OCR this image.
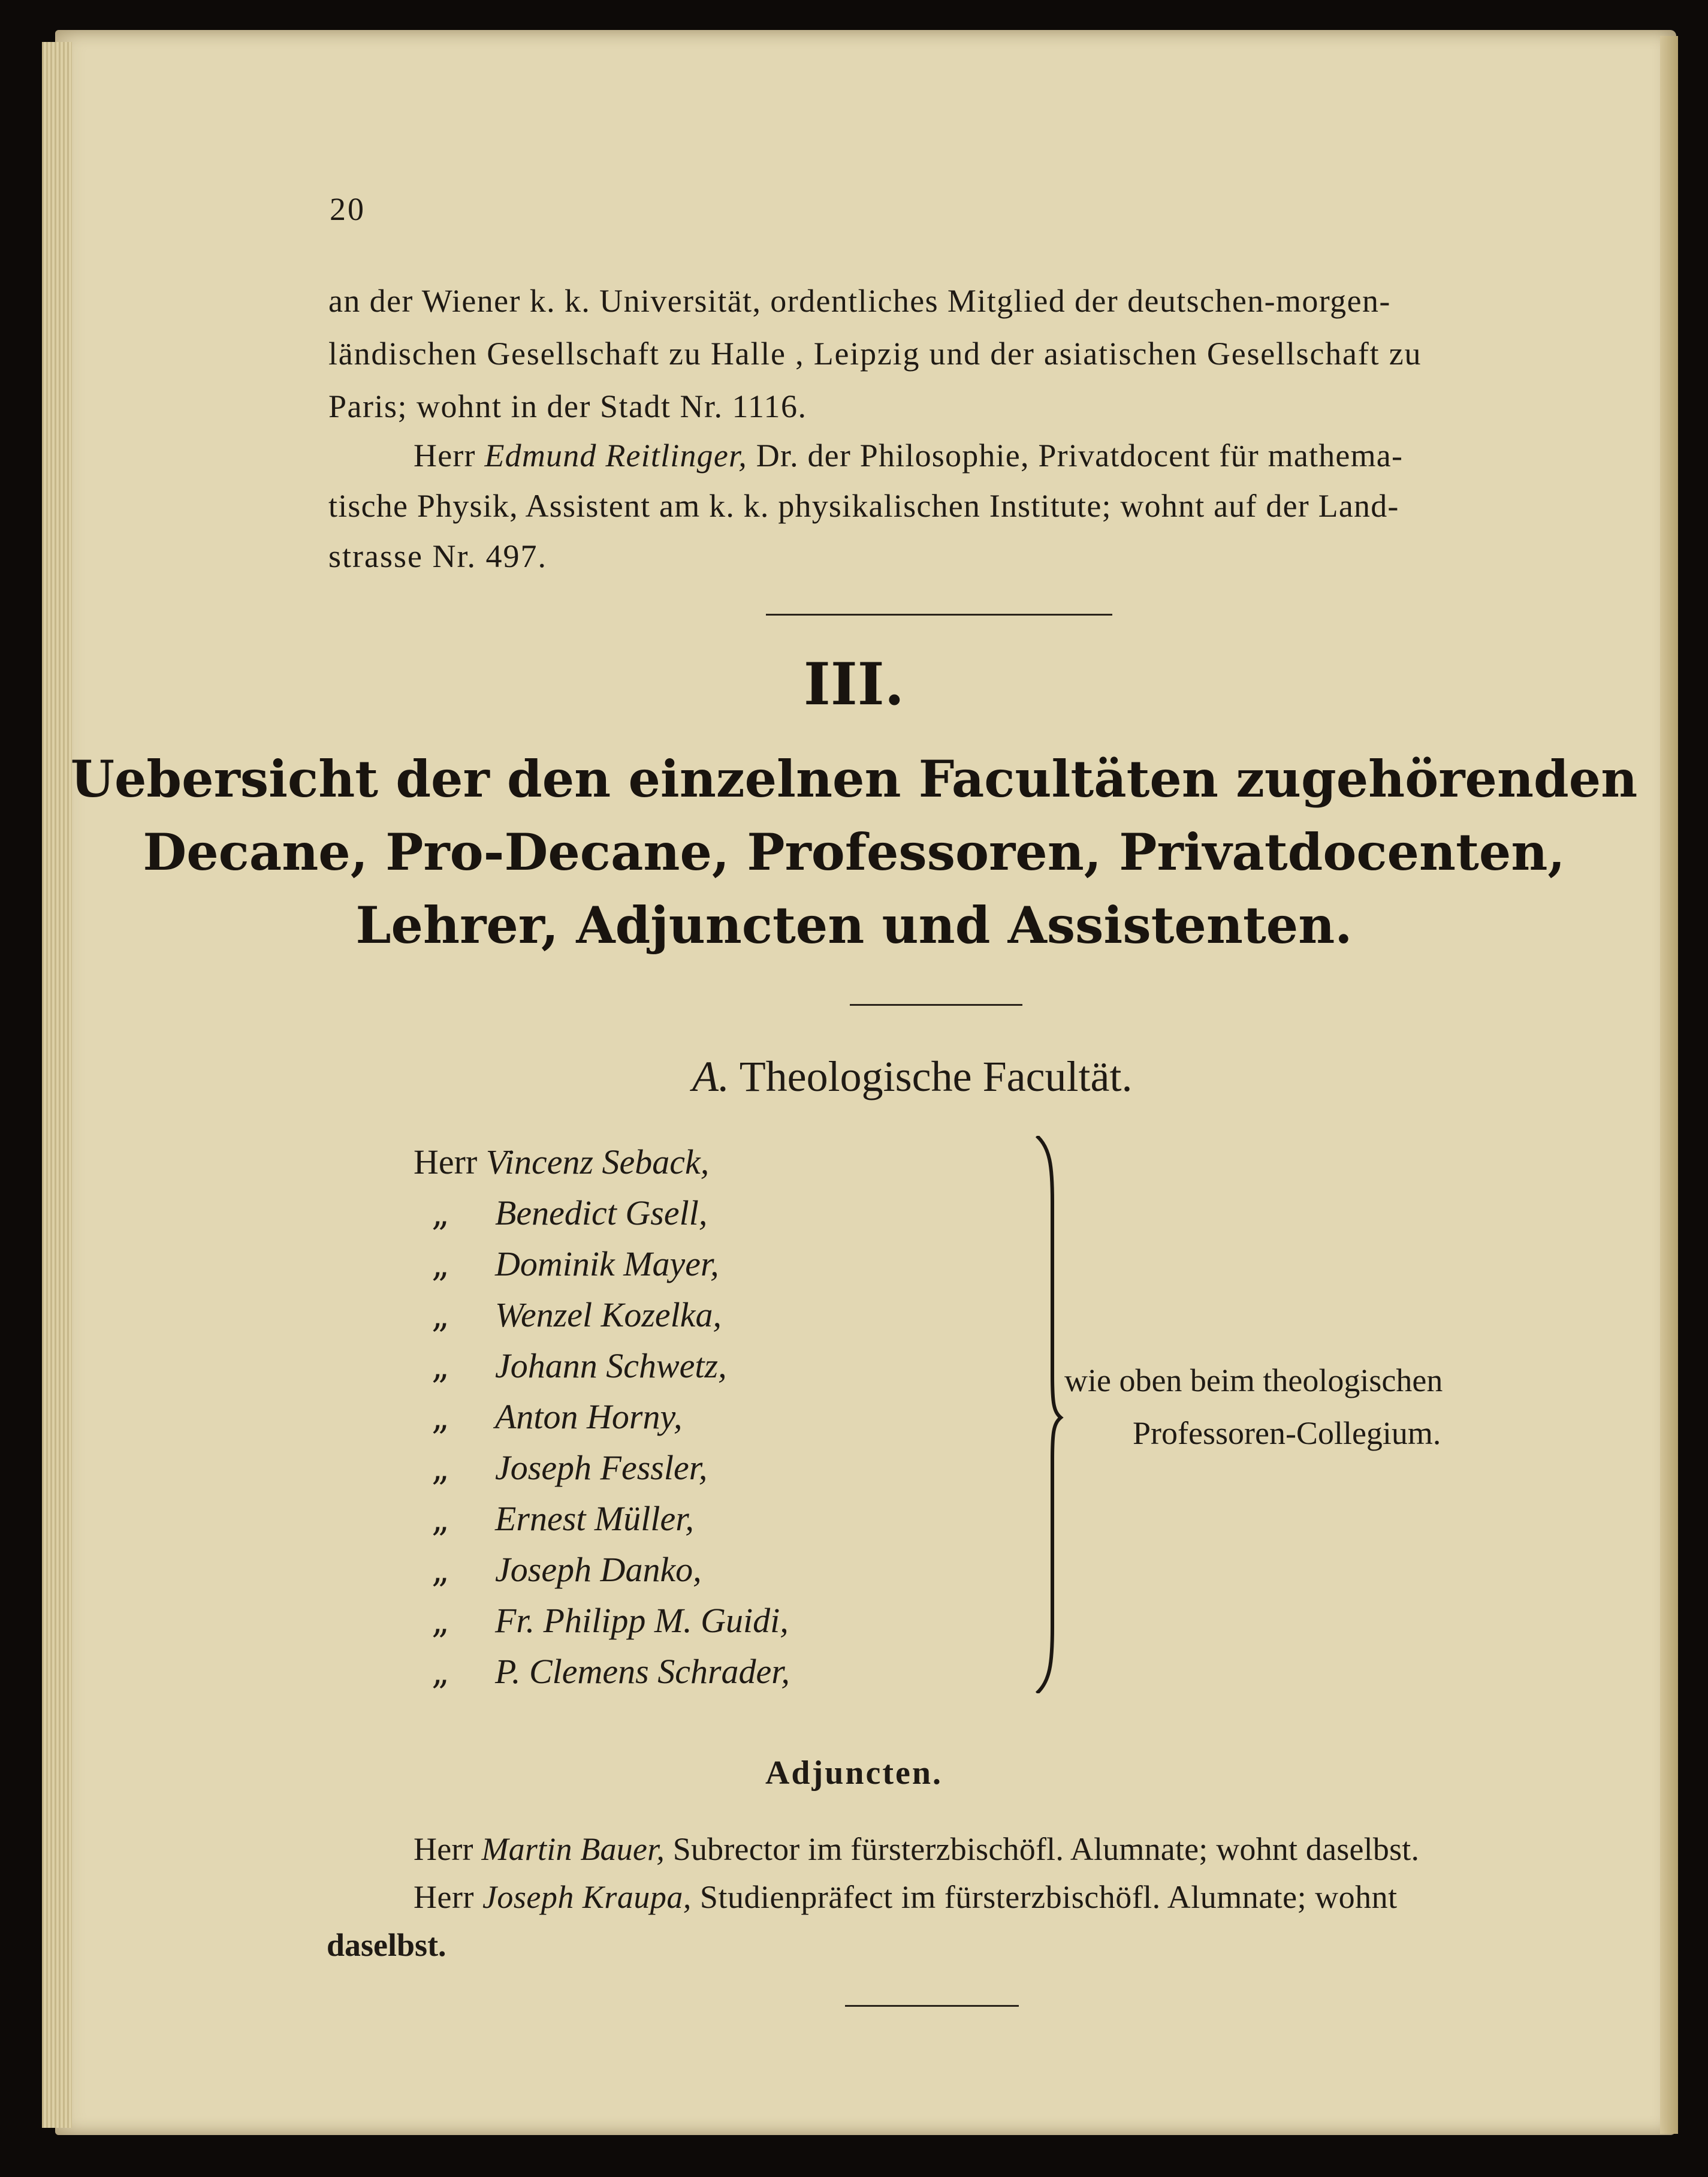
20
an der Wiener k. k. Universität, ordentliches Mitglied der deutschen-morgen-
ländischen Gesellschaft zu Halle , Leipzig und der asiatischen Gesellschaft zu
Paris; wohnt in der Stadt Nr. 1116.
Herr Edmund Reitlinger, Dr. der Philosophie, Privatdocent für mathema-
tische Physik, Assistent am k. k. physikalischen Institute; wohnt auf der Land-
strasse Nr. 497.
III.
Uebersicht der den einzelnen Facultäten zugehörenden
Decane, Pro-Decane, Professoren, Privatdocenten,
Lehrer, Adjuncten und Assistenten.
A. Theologische Facultät.
Herr Vincenz Seback,
„ Benedict Gsell,
„ Dominik Mayer,
„ Wenzel Kozelka,
„ Johann Schwetz,
„ Anton Horny,
„ Joseph Fessler,
„ Ernest Müller,
„ Joseph Danko,
„ Fr. Philipp M. Guidi,
„ P. Clemens Schrader,
wie oben beim theologischen
Professoren-Collegium.
Adjuncten.
Herr Martin Bauer, Subrector im fürsterzbischöfl. Alumnate; wohnt daselbst.
Herr Joseph Kraupa, Studienpräfect im fürsterzbischöfl. Alumnate; wohnt
daselbst.
